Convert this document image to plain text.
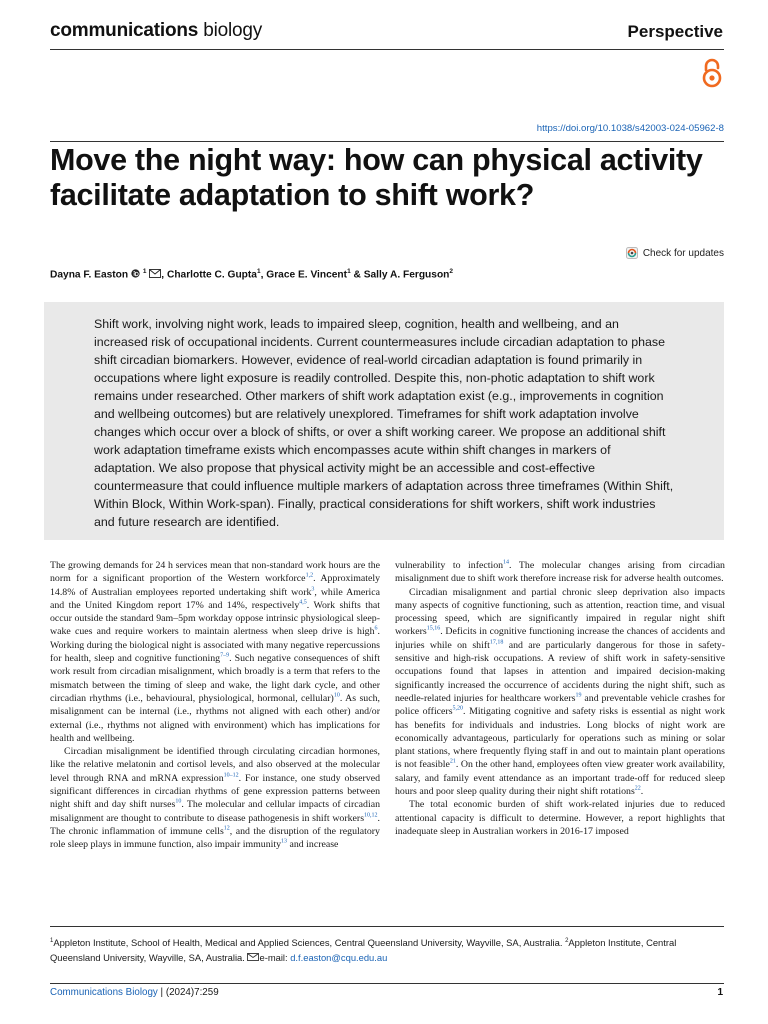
communications biology	Perspective
https://doi.org/10.1038/s42003-024-05962-8
Move the night way: how can physical activity facilitate adaptation to shift work?
Check for updates
Dayna F. Easton $^1$ , Charlotte C. Gupta$^1$, Grace E. Vincent$^1$ & Sally A. Ferguson$^2$

Shift work, involving night work, leads to impaired sleep, cognition, health and wellbeing, and an increased risk of occupational incidents. Current countermeasures include circadian adaptation to phase shift circadian biomarkers. However, evidence of real-world circadian adaptation is found primarily in occupations where light exposure is readily controlled. Despite this, non-photic adaptation to shift work remains under researched. Other markers of shift work adaptation exist (e.g., improvements in cognition and wellbeing outcomes) but are relatively unexplored. Timeframes for shift work adaptation involve changes which occur over a block of shifts, or over a shift working career. We propose an additional shift work adaptation timeframe exists which encompasses acute within shift changes in markers of adaptation. We also propose that physical activity might be an accessible and cost-effective countermeasure that could influence multiple markers of adaptation across three timeframes (Within Shift, Within Block, Within Work-span). Finally, practical considerations for shift workers, shift work industries and future research are identified.

The growing demands for 24 h services mean that non-standard work hours are the norm for a significant proportion of the Western workforce$^{1,2}$. Approximately 14.8% of Australian employees reported undertaking shift work$^3$, while America and the United Kingdom report 17% and 14%, respectively$^{4,5}$. Work shifts that occur outside the standard 9am–5pm workday oppose intrinsic physiological sleep-wake cues and require workers to maintain alertness when sleep drive is high$^6$. Working during the biological night is associated with many negative repercussions for health, sleep and cognitive functioning$^{7-9}$. Such negative consequences of shift work result from circadian misalignment, which broadly is a term that refers to the mismatch between the timing of sleep and wake, the light dark cycle, and other circadian rhythms (i.e., behavioural, physiological, hormonal, cellular)$^{10}$. As such, misalignment can be internal (i.e., rhythms not aligned with each other) and/or external (i.e., rhythms not aligned with environment) which has implications for health and wellbeing.

Circadian misalignment be identified through circulating circadian hormones, like the relative melatonin and cortisol levels, and also observed at the molecular level through RNA and mRNA expression$^{10-12}$. For instance, one study observed significant differences in circadian rhythms of gene expression patterns between night shift and day shift nurses$^{10}$. The molecular and cellular impacts of circadian misalignment are thought to contribute to disease pathogenesis in shift workers$^{10,12}$. The chronic inflammation of immune cells$^{12}$, and the disruption of the regulatory role sleep plays in immune function, also impair immunity$^{13}$ and increase

vulnerability to infection$^{14}$. The molecular changes arising from circadian misalignment due to shift work therefore increase risk for adverse health outcomes.

Circadian misalignment and partial chronic sleep deprivation also impacts many aspects of cognitive functioning, such as attention, reaction time, and visual processing speed, which are significantly impaired in regular night shift workers$^{15,16}$. Deficits in cognitive functioning increase the chances of accidents and injuries while on shift$^{17,18}$ and are particularly dangerous for those in safety-sensitive and high-risk occupations. A review of shift work in safety-sensitive occupations found that lapses in attention and impaired decision-making significantly increased the occurrence of accidents during the night shift, such as needle-related injuries for healthcare workers$^{19}$ and preventable vehicle crashes for police officers$^{5,20}$. Mitigating cognitive and safety risks is essential as night work has benefits for individuals and industries. Long blocks of night work are economically advantageous, particularly for operations such as mining or solar plant stations, where frequently flying staff in and out to maintain plant operations is not feasible$^{21}$. On the other hand, employees often view greater work availability, salary, and family event attendance as an important trade-off for reduced sleep hours and poor sleep quality during their night shift rotations$^{22}$.

The total economic burden of shift work-related injuries due to reduced attentional capacity is difficult to determine. However, a report highlights that inadequate sleep in Australian workers in 2016-17 imposed

$^1$Appleton Institute, School of Health, Medical and Applied Sciences, Central Queensland University, Wayville, SA, Australia. $^2$Appleton Institute, Central Queensland University, Wayville, SA, Australia. e-mail: d.f.easton@cqu.edu.au

Communications Biology | (2024)7:259	1
